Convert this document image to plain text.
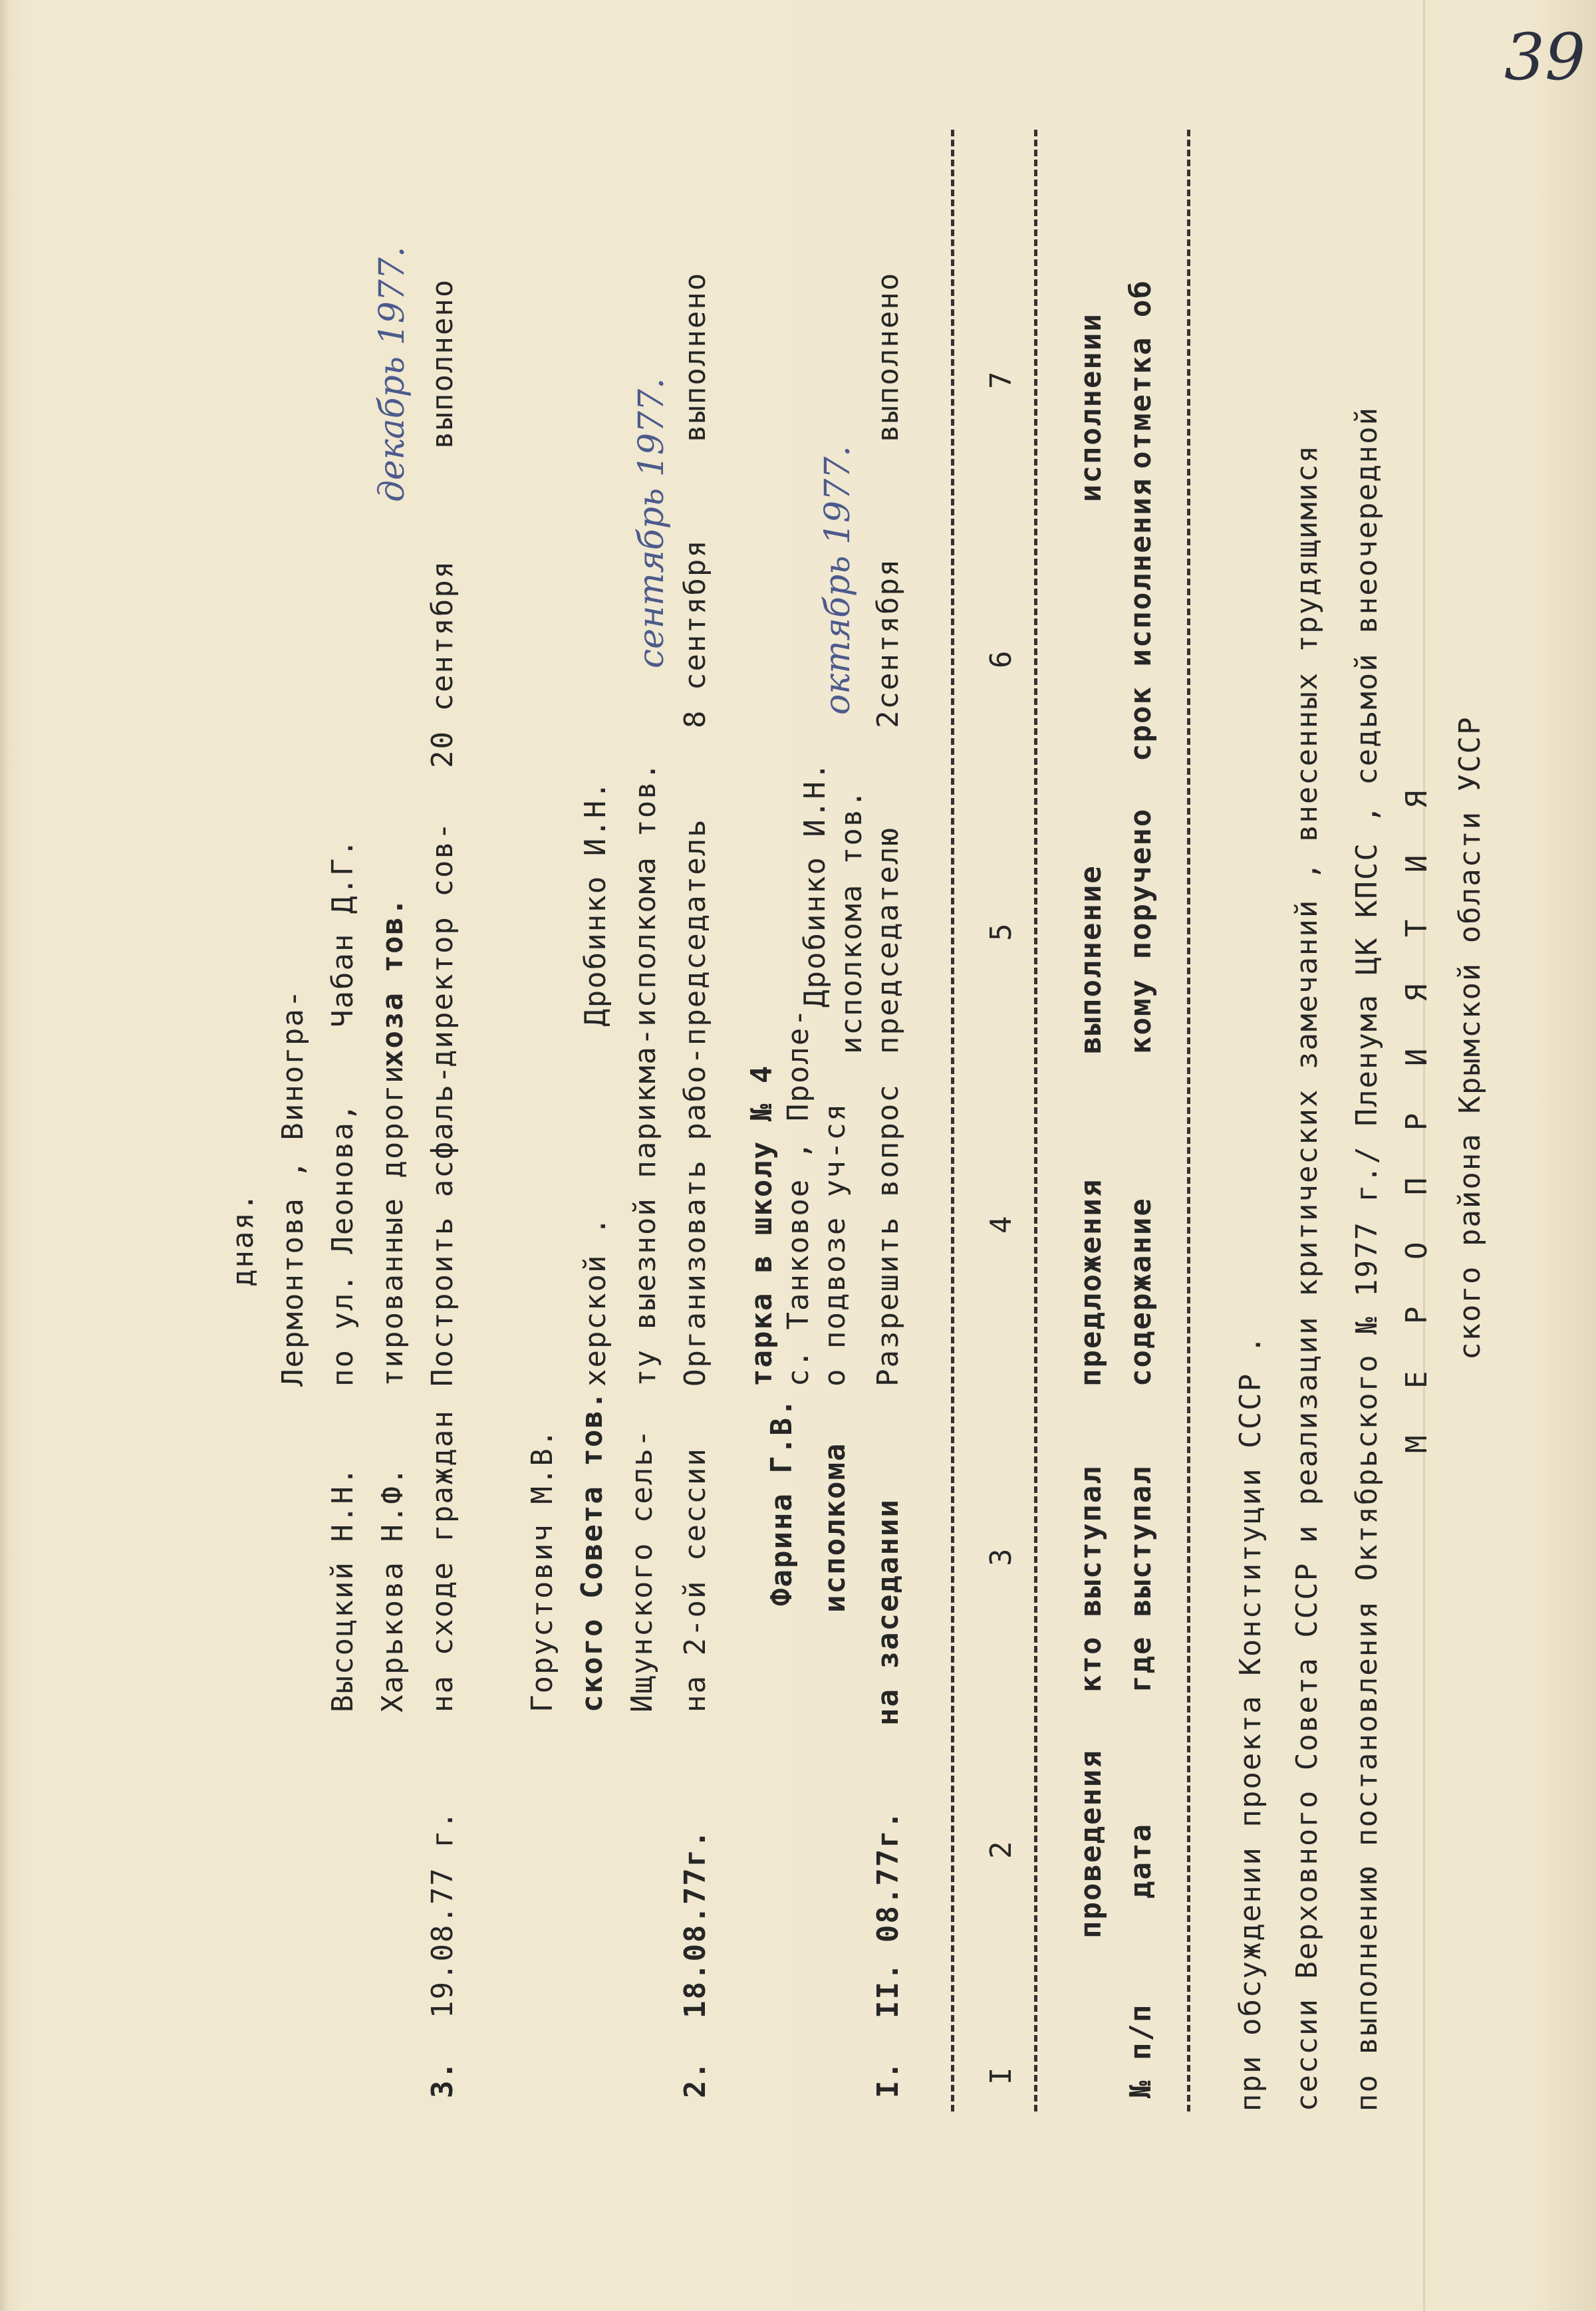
39
ского района Крымской области УССР
М Е Р О П Р И Я Т И Я
по выполнению постановления Октябрьского № 1977 г./ Пленума ЦК КПСС , седьмой внеочередной
сессии Верховного Совета СССР и реализации критических замечаний , внесенных трудящимися
при обсуждении проекта Конституции СССР .
№ п/п
дата
проведения
где выступал
кто выступал
содержание
предложения
кому поручено
выполнение
срок исполнения
отметка об
исполнении
I
2
3
4
5
6
7
I.
II. 08.77г.
на заседании
исполкома
Фарина Г.В.
Разрешить вопрос
о подвозе уч-ся
с. Танковое , Проле-
тарка в школу № 4
председателю
исполкома тов.
Дробинко И.Н.
2сентября
выполнено
октябрь 1977.
2.
18.08.77г.
на 2-ой сессии
Ищунского сель-
ского Совета тов.
Горустович М.В.
Организовать рабо-председатель
ту выезной парикма-исполкома тов.
херской .          Дробинко И.Н.
8 сентября
выполнено
сентябрь 1977.
3.
19.08.77 г.
на сходе граждан
Харькова Н.Ф.
Высоцкий Н.Н.
Построить асфаль-
тированные дороги
по ул. Леонова,
Лермонтова , Виногра-
дная.
директор сов-
хоза тов.
Чабан Д.Г.
20 сентября
выполнено
декабрь 1977.
